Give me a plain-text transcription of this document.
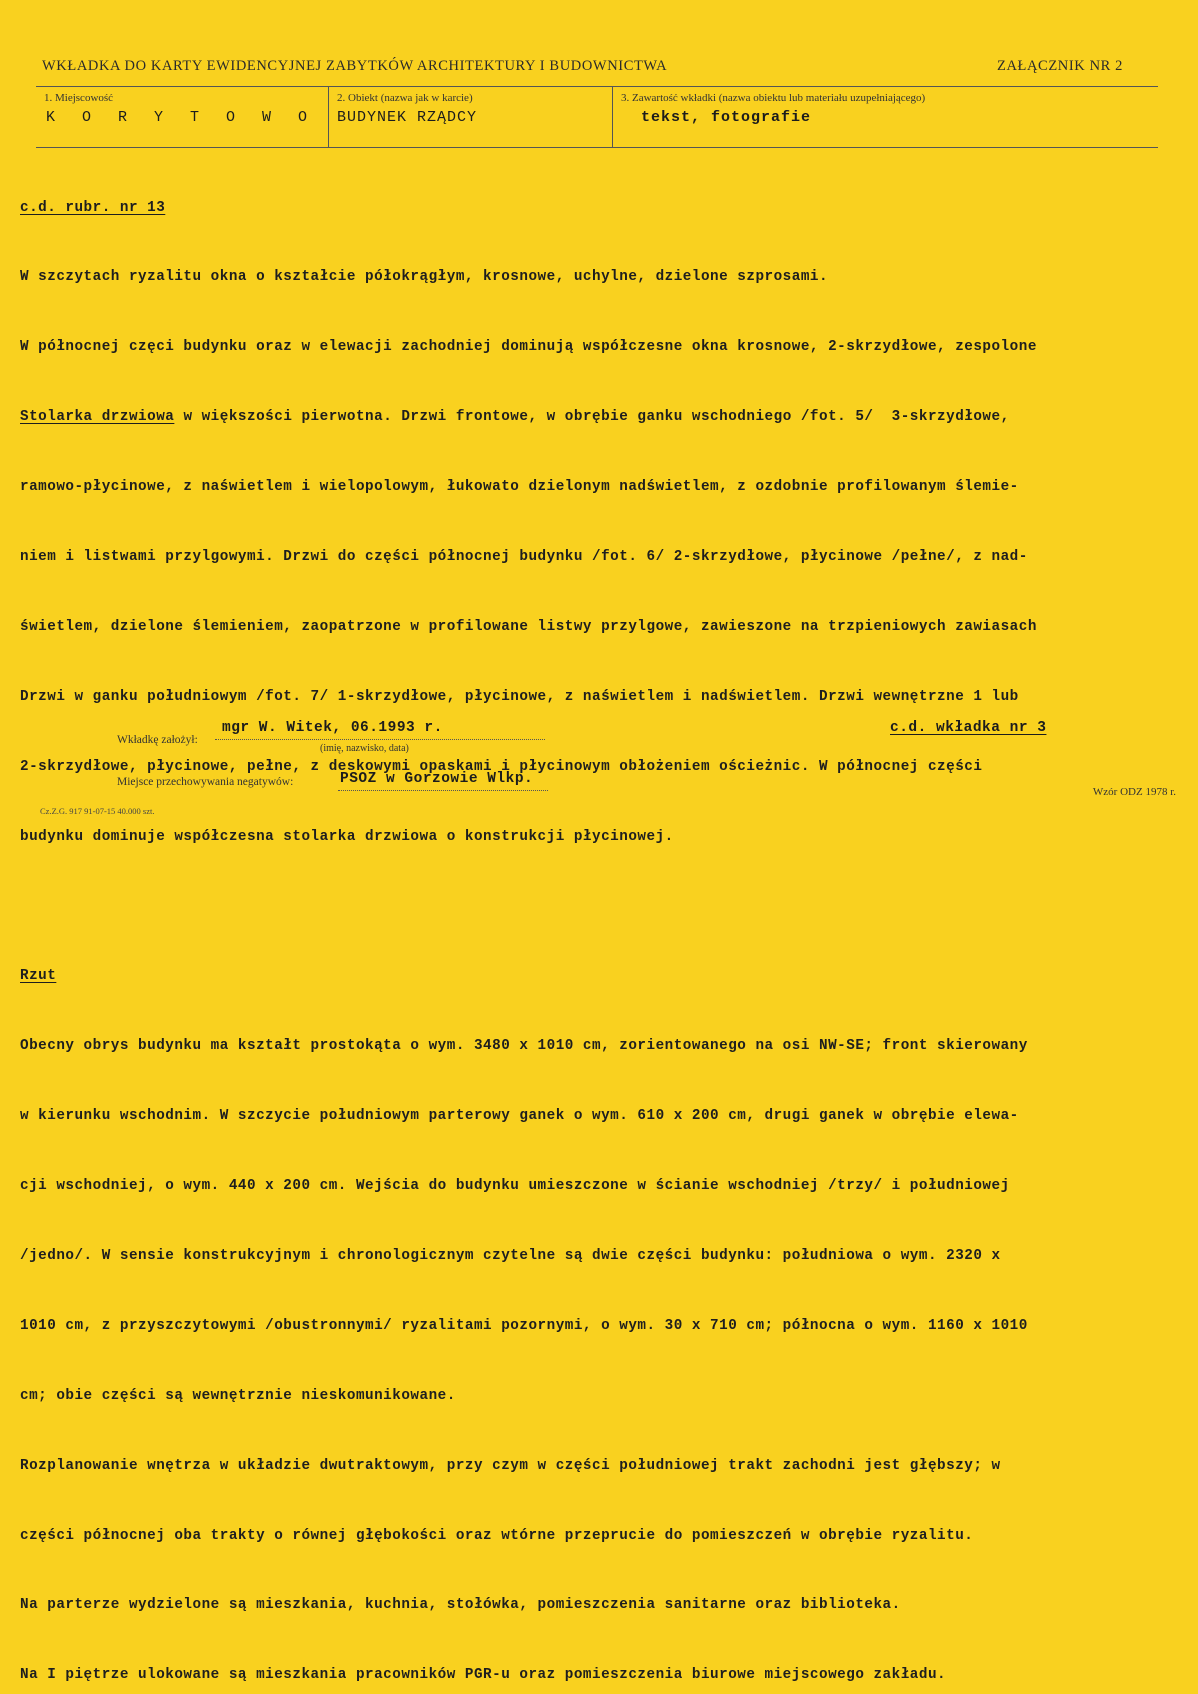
WKŁADKA DO KARTY EWIDENCYJNEJ ZABYTKÓW ARCHITEKTURY I BUDOWNICTWA	ZAŁĄCZNIK NR 2
1. Miejscowość
K O R Y T O W O
2. Obiekt (nazwa jak w karcie)
BUDYNEK RZĄDCY
3. Zawartość wkładki (nazwa obiektu lub materiału uzupełniającego)
tekst, fotografie

c.d. rubr. nr 13

W szczytach ryzalitu okna o kształcie półokrągłym, krosnowe, uchylne, dzielone szprosami.

W północnej częci budynku oraz w elewacji zachodniej dominują współczesne okna krosnowe, 2-skrzydłowe, zespolone

Stolarka drzwiowa w większości pierwotna. Drzwi frontowe, w obrębie ganku wschodniego /fot. 5/  3-skrzydłowe,

ramowo-płycinowe, z naświetlem i wielopolowym, łukowato dzielonym nadświetlem, z ozdobnie profilowanym ślemie-

niem i listwami przylgowymi. Drzwi do części północnej budynku /fot. 6/ 2-skrzydłowe, płycinowe /pełne/, z nad-

świetlem, dzielone ślemieniem, zaopatrzone w profilowane listwy przylgowe, zawieszone na trzpieniowych zawiasach

Drzwi w ganku południowym /fot. 7/ 1-skrzydłowe, płycinowe, z naświetlem i nadświetlem. Drzwi wewnętrzne 1 lub

2-skrzydłowe, płycinowe, pełne, z deskowymi opaskami i płycinowym obłożeniem ościeżnic. W północnej części

budynku dominuje współczesna stolarka drzwiowa o konstrukcji płycinowej.

Rzut

Obecny obrys budynku ma kształt prostokąta o wym. 3480 x 1010 cm, zorientowanego na osi NW-SE; front skierowany

w kierunku wschodnim. W szczycie południowym parterowy ganek o wym. 610 x 200 cm, drugi ganek w obrębie elewa-

cji wschodniej, o wym. 440 x 200 cm. Wejścia do budynku umieszczone w ścianie wschodniej /trzy/ i południowej

/jedno/. W sensie konstrukcyjnym i chronologicznym czytelne są dwie części budynku: południowa o wym. 2320 x

1010 cm, z przyszczytowymi /obustronnymi/ ryzalitami pozornymi, o wym. 30 x 710 cm; północna o wym. 1160 x 1010

cm; obie części są wewnętrznie nieskomunikowane.

Rozplanowanie wnętrza w układzie dwutraktowym, przy czym w części południowej trakt zachodni jest głębszy; w

części północnej oba trakty o równej głębokości oraz wtórne przeprucie do pomieszczeń w obrębie ryzalitu.

Na parterze wydzielone są mieszkania, kuchnia, stołówka, pomieszczenia sanitarne oraz biblioteka.

Na I piętrze ulokowane są mieszkania pracowników PGR-u oraz pomieszczenia biurowe miejscowego zakładu.

Wkładkę założył:
mgr W. Witek, 06.1993 r.
(imię, nazwisko, data)
c.d. wkładka nr 3
Miejsce przechowywania negatywów:	PSOZ w Gorzowie Wlkp.
Cz.Z.G. 917 91-07-15 40.000 szt.
Wzór ODZ 1978 r.
